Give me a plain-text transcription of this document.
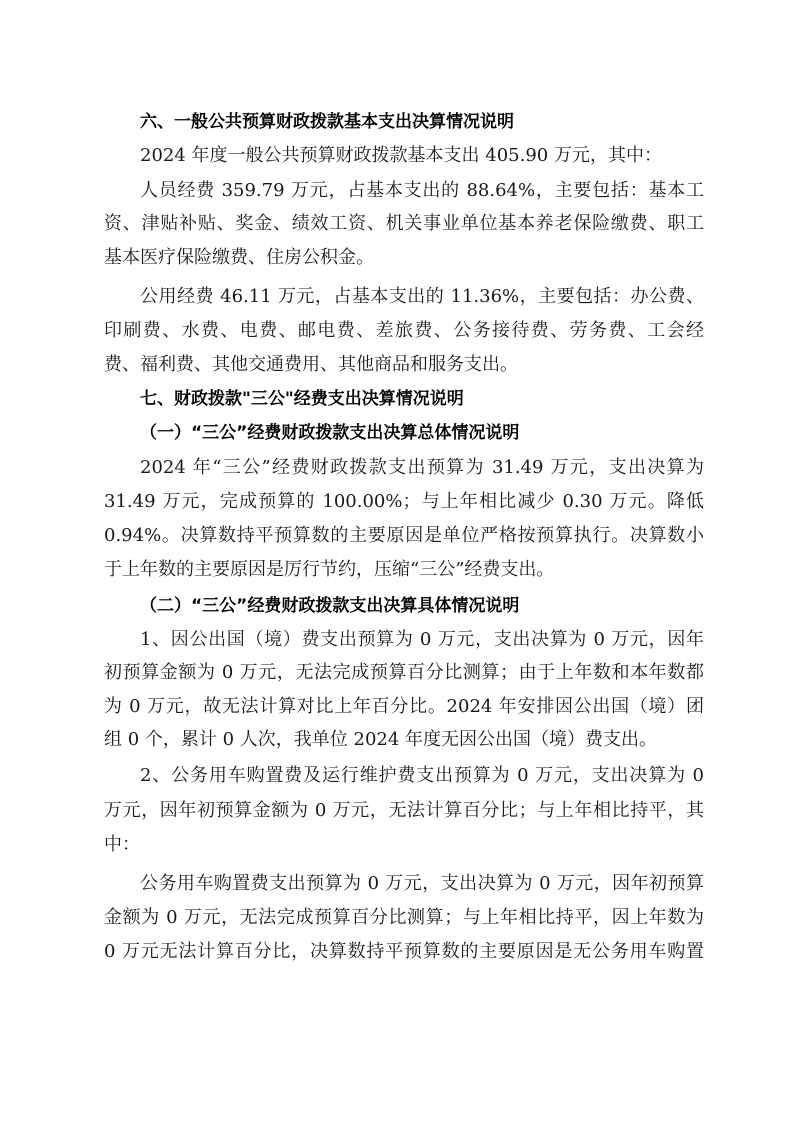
六、一般公共预算财政拨款基本支出决算情况说明
2024 年度一般公共预算财政拨款基本支出 405.90 万元，其中：
人员经费 359.79 万元，占基本支出的 88.64%，主要包括：基本工
资、津贴补贴、奖金、绩效工资、机关事业单位基本养老保险缴费、职工
基本医疗保险缴费、住房公积金。
公用经费 46.11 万元，占基本支出的 11.36%，主要包括：办公费、
印刷费、水费、电费、邮电费、差旅费、公务接待费、劳务费、工会经
费、福利费、其他交通费用、其他商品和服务支出。
七、财政拨款"三公"经费支出决算情况说明
（一）“三公”经费财政拨款支出决算总体情况说明
2024 年“三公”经费财政拨款支出预算为 31.49 万元，支出决算为
31.49 万元，完成预算的 100.00%；与上年相比减少 0.30 万元。降低
0.94%。决算数持平预算数的主要原因是单位严格按预算执行。决算数小
于上年数的主要原因是厉行节约，压缩“三公”经费支出。
（二）“三公”经费财政拨款支出决算具体情况说明
1、因公出国（境）费支出预算为 0 万元，支出决算为 0 万元，因年
初预算金额为 0 万元，无法完成预算百分比测算；由于上年数和本年数都
为 0 万元，故无法计算对比上年百分比。2024 年安排因公出国（境）团
组 0 个，累计 0 人次，我单位 2024 年度无因公出国（境）费支出。
2、公务用车购置费及运行维护费支出预算为 0 万元，支出决算为 0
万元，因年初预算金额为 0 万元，无法计算百分比；与上年相比持平，其
中：
公务用车购置费支出预算为 0 万元，支出决算为 0 万元，因年初预算
金额为 0 万元，无法完成预算百分比测算；与上年相比持平，因上年数为
0 万元无法计算百分比，决算数持平预算数的主要原因是无公务用车购置
